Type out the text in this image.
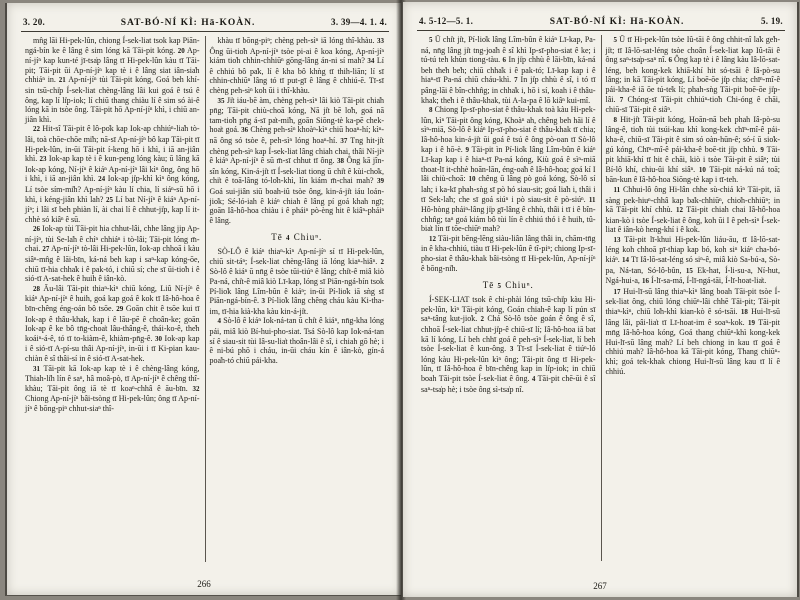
3. 20.	SAT-BÓ-NÍ KÌ: Hā-KOÀN.	3. 39—4. 1. 4.

mn̂g lāi Hi-pek-lûn, chiong Í-sek-liat tsok kap Piān-ngá-bín ke ê lâng ê sim lóng kā Tāi-pit kóng. 20 Ap-ní-jíⁿ kap kun-té jī-tsa̍p lâng tī Hi-pek-lûn kàu tī Tāi-pit; Tāi-pit ūi Ap-ní-jíⁿ kap tè i ê lâng siat iân-sia̍h chhiáⁿ in. 21 Ap-ní-jíⁿ tùi Tāi-pit kóng, Goá beh khí-sin tsū-chi̍p Í-sek-liat chèng-lâng lâi kui goá ê tsú ê ông, kap lí li̍p-iok; lí chiū thang chiàu lí ê sim só ài-ê lóng kā in tsòe ông. Tāi-pit hō Ap-ní-jíⁿ khì, i chiū an-jiân khì.

22 Hit-sî Tāi-pit ê lô-po̍k kap Iok-ap chhiúⁿ-lia̍h tò-lâi, toà chōe-chōe mi̍h; nā-sī Ap-ní-jíⁿ bô kap Tāi-pit tī Hi-pek-lûn, in-ūi Tāi-pit í-keng hō i khì, i iā an-jiân khì. 23 Iok-ap kap tè i ê kun-peng lóng kàu; ū lâng kā Iok-ap kóng, Ní-jíⁿ ê kiáⁿ Ap-ní-jíⁿ lâi kìⁿ ông, ông hō i khì, i iā an-jiân khì. 24 Iok-ap ji̍p-khì kìⁿ ông kóng, Lí tsòe sím-mi̍h? Ap-ní-jíⁿ kàu lí chia, lí siáⁿ-sū hō i khì, i kéng-jiân khì lah? 25 Lí bat Ní-jíⁿ ê kiáⁿ Ap-ní-jíⁿ; i lâi sī beh phiàn lí, ài chai lí ê chhut-ji̍p, kap lí it-chhè só kiâⁿ ê sū.

26 Iok-ap tùi Tāi-pit hia chhut-lâi, chhe lâng jip Ap-ní-jíⁿ, tùi Se-la̍h ê chíⁿ chhiáⁿ i tò-lâi; Tāi-pit lóng m̄-chai. 27 Ap-ní-jíⁿ tò-lâi Hi-pek-lûn, Iok-ap chhoā i kàu siâⁿ-mn̂g ê lāi-bīn, ká-ná beh kap i saⁿ-kap kóng-ōe, chiū tī-hia chha̍k i ê pak-tó, i chiū sí; che sī ūi-tio̍h i ê sió-tī A-sat-hek ê huih ê iân-kò.

28 Āu-lâi Tāi-pit thiaⁿ-kìⁿ chiū kóng, Liû Ní-jíⁿ ê kiáⁿ Ap-ní-jíⁿ ê huih, goá kap goá ê kok tī Iâ-hô-hoa ê bīn-chêng éng-oán bô tsōe. 29 Goān chit ê tsōe kui tī Iok-ap ê thâu-khak, kap i ê lāu-pē ê choân-ke; goān Iok-ap ê ke bô tn̄g-choa̍t lâu-thâng-ê, thái-ko-ê, the̍h koáiⁿ-á-ê, tó tī to-kiàm-ê, khiàm-pn̄g-ê. 30 Iok-ap kap i ê sió-tī A-pí-su thâi Ap-ní-jíⁿ, in-ūi i tī Ki-pian kau-chiàn ê sî thâi-sí in ê sió-tī A-sat-hek.

31 Tāi-pit kā Iok-ap kap tè i ê chèng-lâng kóng, Thiah-li̍h lín ê saⁿ, hâ moâ-pò, tī Ap-ní-jíⁿ ê chêng thî-khàu; Tāi-pit ông iā tè tī koaⁿ-chhâ ê āu-bīn. 32 Chiong Ap-ní-jíⁿ bâi-tsòng tī Hi-pek-lûn; ông tī Ap-ní-jíⁿ ê bōng-piⁿ chhut-siaⁿ thî-

khàu tī bōng-piⁿ; chèng peh-sìⁿ iā lóng thî-khàu. 33 Ông ūi-tio̍h Ap-ní-jíⁿ tsòe pi-ai ê koa kóng, Ap-ní-jíⁿ kiám tio̍h chhin-chhiūⁿ gōng-lâng án-ni sí mah? 34 Lí ê chhiú bô pa̍k, lí ê kha bô khǹg tī thih-liān; lí sī chhin-chhiūⁿ lâng tó tī put-gī ê lâng ê chhiú-ē. Tī-sī chèng peh-sìⁿ koh ūi i thî-khàu.

35 Ji̍t iáu-bē àm, chèng peh-sìⁿ lâi kiò Tāi-pit chia̍h pn̄g; Tāi-pit chiù-choā kóng, Nā ji̍t bē lo̍h, goá nā tam-tio̍h pn̄g á-sī pa̍t-mi̍h, goān Siōng-tè ka-pē chek-hoa̍t goá. 36 Chèng peh-sìⁿ khoàⁿ-kìⁿ chiū hoaⁿ-hí; kìⁿ-nā ông só tsòe ê, peh-sìⁿ lóng hoaⁿ-hí. 37 Tng hit-ji̍t chèng peh-sìⁿ kap Í-sek-liat lâng chiah chai, thâi Ní-jíⁿ ê kiáⁿ Ap-ní-jíⁿ ê sū m̄-sī chhut tī ông. 38 Ông kā jîn-sîn kóng, Kin-á-ji̍t tī Í-sek-liat tiong ū chi̍t ê kùi-cho̍k, chi̍t ê toā-lâng tó-lo̍h-khì, lín kiám m̄-chai mah? 39 Goá sui-jiân siū boah-iû tsòe ông, kin-á-ji̍t iáu loán-jio̍k; Sé-ló-iah ê kiáⁿ chiah ê lâng pí goá khah ngī; goān Iâ-hô-hoa chiàu i ê pháiⁿ pò-èng hit ê kiâⁿ-pháiⁿ ê lâng.

Tē 4 Chiuⁿ.

SÒ-LÔ ê kiáⁿ thiaⁿ-kìⁿ Ap-ní-jíⁿ sí tī Hi-pek-lûn, chiū sit-táⁿ; Í-sek-liat chèng-lâng iā lóng kiaⁿ-hiâⁿ. 2 Sò-lô ê kiáⁿ ū nn̄g ê tsòe tūi-tiúⁿ ê lâng; chi̍t-ê miâ kiò Pa-ná, chi̍t-ê miâ kiò Lī-kap, lóng sī Piān-ngá-bín tsok Pí-lio̍k lâng Lîm-bûn ê kiáⁿ; in-ūi Pí-lio̍k iā sǹg sī Piān-ngá-bín-ê. 3 Pí-lio̍k lâng chêng cháu kàu Ki-tha-im, tī-hia kià-kha kàu kin-á-ji̍t.

4 Sò-lô ê kiáⁿ Iok-ná-tan ū chi̍t ê kiáⁿ, nn̄g-kha lóng pái, miâ kiò Bí-hui-pho-siat. Tsá Sò-lô kap Iok-ná-tan sí ê siau-sit tùi Iâ-su-lia̍t thoân-lâi ê sî, i chiah gō hè; i ê ni-bú phō i cháu, in-ūi cháu kín ê iân-kò, gín-á poa̍h-tó chiū pái-kha.

266
4. 5-12—5. 1.	SAT-BÓ-NÍ KÌ: Hā-KOÀN.	5. 19.

5 Ū chi̍t ji̍t, Pí-lio̍k lâng Lîm-bûn ê kiáⁿ Lī-kap, Pa-ná, nn̄g lâng ji̍t tng-joa̍h ê sî khì Ip-sī-pho-siat ê ke; i tú-tú teh khùn tiong-tàu. 6 In ji̍p chhù ê lāi-bīn, ká-ná beh the̍h be̍h; chiū chha̍k i ê pak-tó; Lī-kap kap i ê hiaⁿ-tī Pa-ná chiū cháu-khì. 7 In ji̍p chhù ê sî, i tó tī pâng-lāi ê bîn-chhn̂g; in chha̍k i, hō i sí, koah i ê thâu-khak; the̍h i ê thâu-khak, tùi A-la-pa ê lō kiâⁿ kui-mî.

8 Chiong Ip-sī-pho-siat ê thâu-khak toà kàu Hi-pek-lûn, kìⁿ Tāi-pit ông kóng, Khoàⁿ ah, chêng beh hāi lí ê sìⁿ-miā, Sò-lô ê kiáⁿ Ip-sī-pho-siat ê thâu-khak tī chia; Iâ-hô-hoa kin-á-ji̍t ūi goá ê tsú ê ông pò-oan tī Sò-lô kap i ê hō-è. 9 Tāi-pit ìn Pí-lio̍k lâng Lîm-bûn ê kiáⁿ Lī-kap kap i ê hiaⁿ-tī Pa-ná kóng, Kiù goá ê sìⁿ-miā thoat-lī it-chhè hoān-lān, éng-oa̍h ê Iâ-hô-hoa; goá kí I lâi chiù-choā: 10 chêng ū lâng pò goá kóng, Sò-lô sí lah; i ka-kī phah-sǹg sī pò hó siau-sit; goá lia̍h i, thâi i tī Sek-la̍h; che sī goá siúⁿ i pò siau-sit ê pò-siúⁿ. 11 Hô-hòng pháiⁿ-lâng ji̍p gī-lâng ê chhù, thâi i tī i ê bîn-chhn̂g; taⁿ goá kiám bô tùi lín ê chhiú thó i ê huih, tû-bia̍t lín tī tōe-chiūⁿ mah?

12 Tāi-pit bēng-lēng siàu-liân lâng thâi in, chām-tn̄g in ê kha-chhiú, tiàu tī Hi-pek-lûn ê tî-piⁿ; chiong Ip-sī-pho-siat ê thâu-khak bâi-tsòng tī Hi-pek-lûn, Ap-ní-jíⁿ ê bōng-ni̍h.

Tē 5 Chiuⁿ.

Í-SEK-LIAT tsok ê chi-phài lóng tsū-chi̍p kàu Hi-pek-lûn, kìⁿ Tāi-pit kóng, Goán chiah-ê kap lí pún sī saⁿ-tâng kut-jio̍k. 2 Chá Sò-lô tsòe goán ê ông ê sî, chhoā Í-sek-liat chhut-ji̍p-ê chiū-sī lí; Iâ-hô-hoa iā bat kā lí kóng, Lí beh chhī goá ê peh-sìⁿ Í-sek-liat, lí beh tsòe Í-sek-liat ê kun-ông. 3 Tī-sī Í-sek-liat ê tiúⁿ-ló lóng kàu Hi-pek-lûn kìⁿ ông; Tāi-pit ông tī Hi-pek-lûn, tī Iâ-hô-hoa ê bīn-chêng kap in li̍p-iok; in chiū boah Tāi-pit tsòe Í-sek-liat ê ông. 4 Tāi-pit chē-ūi ê sî saⁿ-tsa̍p hè; i tsòe ông sì-tsa̍p nî.

5 Ū tī Hi-pek-lûn tsòe Iû-tāi ê ông chhit-nî la̍k ge̍h-ji̍t; tī Iâ-lō-sat-léng tsòe choân Í-sek-liat kap Iû-tāi ê ông saⁿ-tsa̍p-saⁿ nî. 6 Ông kap tè i ê lâng kàu Iâ-lō-sat-léng, beh kong-kek khiā-khí hit só-tsāi ê Iâ-pò-su lâng; in kā Tāi-pit kóng, Lí boē-ōe ji̍p chia; chīⁿ-mî-ê pái-kha-ê iā ōe tú-te̍k lí; phah-sǹg Tāi-pit boē-ōe ji̍p-lâi. 7 Chóng-sī Tāi-pit chhiúⁿ-tio̍h Chi-óng ê chāi, chiū-sī Tāi-pit ê siâⁿ.

8 Hit-ji̍t Tāi-pit kóng, Hoān-nā beh phah Iâ-pò-su lâng-ê, tio̍h tùi tsúi-kau khì kong-kek chīⁿ-mî-ê pái-kha-ê, chiū-sī Tāi-pit ê sim só oàn-hūn-ê; só-í ū sio̍k-gú kóng, Chīⁿ-mî-ê pái-kha-ê boē-tit ji̍p chhù. 9 Tāi-pit khiā-khí tī hit ê chāi, kiò i tsòe Tāi-pit ê siâⁿ; tùi Bí-lô khí, chiu-ûi khí siâⁿ. 10 Tāi-pit ná-kú ná toā; bān-kun ê Iâ-hô-hoa Siōng-tè kap i tī-teh.

11 Chhui-lô ông Hi-lân chhe sù-chiá kìⁿ Tāi-pit, iā sàng pek-hiuⁿ-chhâ kap ba̍k-chhiūⁿ, chio̍h-chhiūⁿ; in kā Tāi-pit khí chhù. 12 Tāi-pit chiah chai Iâ-hô-hoa kian-kò i tsòe Í-sek-liat ê ông, koh ūi I ê peh-sìⁿ Í-sek-liat ê iân-kò heng-khí i ê kok.

13 Tāi-pit lī-khui Hi-pek-lûn liáu-āu, tī Iâ-lō-sat-léng koh chhoā pī-thiap kap bó, koh siⁿ kiáⁿ cha-bó-kiáⁿ. 14 Tī Iâ-lō-sat-léng só siⁿ-ê, miâ kiò Sa-bú-a, Sò-pa, Ná-tan, Só-lô-bûn, 15 Ek-hat, Í-li-su-a, Ní-hut, Ngá-hui-a, 16 Í-lī-sa-má, Í-lī-ngá-tāi, Í-lī-hoat-lia̍t.

17 Hui-lī-sū lâng thiaⁿ-kìⁿ lâng boah Tāi-pit tsòe Í-sek-liat ông, chiū lóng chiūⁿ-lâi chhē Tāi-pit; Tāi-pit thiaⁿ-kìⁿ, chiū lo̍h-khì kian-kò ê só-tsāi. 18 Hui-lī-sū lâng lâi, pâi-lia̍t tī Lī-hoat-im ê soaⁿ-kok. 19 Tāi-pit mn̄g Iâ-hô-hoa kóng, Goá thang chiūⁿ-khì kong-kek Hui-lī-sū lâng mah? Lí beh chiong in kau tī goá ê chhiú mah? Iâ-hô-hoa kā Tāi-pit kóng, Thang chiūⁿ-khì; goá tek-khak chiong Hui-lī-sū lâng kau tī lí ê chhiú.

267
